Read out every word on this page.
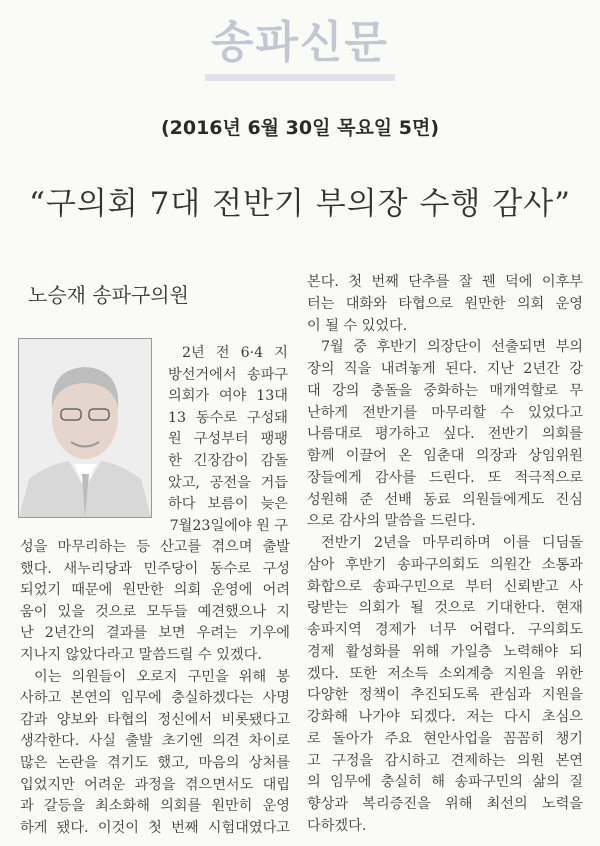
송파신문
(2016년 6월 30일 목요일 5면)
“구의회 7대 전반기 부의장 수행 감사”
노승재 송파구의원
2년 전 6·4 지
방선거에서 송파구
의회가 여야 13대
13 동수로 구성돼
원 구성부터 팽팽
한 긴장감이 감돌
았고, 공전을 거듭
하다 보름이 늦은
7월23일에야 원 구
성을 마무리하는 등 산고를 겪으며 출발
했다. 새누리당과 민주당이 동수로 구성
되었기 때문에 원만한 의회 운영에 어려
움이 있을 것으로 모두들 예견했으나 지
난 2년간의 결과를 보면 우려는 기우에
지나지 않았다라고 말씀드릴 수 있겠다.
이는 의원들이 오로지 구민을 위해 봉
사하고 본연의 임무에 충실하겠다는 사명
감과 양보와 타협의 정신에서 비롯됐다고
생각한다. 사실 출발 초기엔 의견 차이로
많은 논란을 겪기도 했고, 마음의 상처를
입었지만 어려운 과정을 겪으면서도 대립
과 갈등을 최소화해 의회를 원만히 운영
하게 됐다. 이것이 첫 번째 시험대였다고
본다. 첫 번째 단추를 잘 꿴 덕에 이후부
터는 대화와 타협으로 원만한 의회 운영
이 될 수 있었다.
7월 중 후반기 의장단이 선출되면 부의
장의 직을 내려놓게 된다. 지난 2년간 강
대 강의 충돌을 중화하는 매개역할로 무
난하게 전반기를 마무리할 수 있었다고
나름대로 평가하고 싶다. 전반기 의회를
함께 이끌어 온 임춘대 의장과 상임위원
장들에게 감사를 드린다. 또 적극적으로
성원해 준 선배 동료 의원들에게도 진심
으로 감사의 말씀을 드린다.
전반기 2년을 마무리하며 이를 디딤돌
삼아 후반기 송파구의회도 의원간 소통과
화합으로 송파구민으로 부터 신뢰받고 사
랑받는 의회가 될 것으로 기대한다. 현재
송파지역 경제가 너무 어렵다. 구의회도
경제 활성화를 위해 가일층 노력해야 되
겠다. 또한 저소득 소외계층 지원을 위한
다양한 정책이 추진되도록 관심과 지원을
강화해 나가야 되겠다. 저는 다시 초심으
로 돌아가 주요 현안사업을 꼼꼼히 챙기
고 구정을 감시하고 견제하는 의원 본연
의 임무에 충실히 해 송파구민의 삶의 질
향상과 복리증진을 위해 최선의 노력을
다하겠다.
